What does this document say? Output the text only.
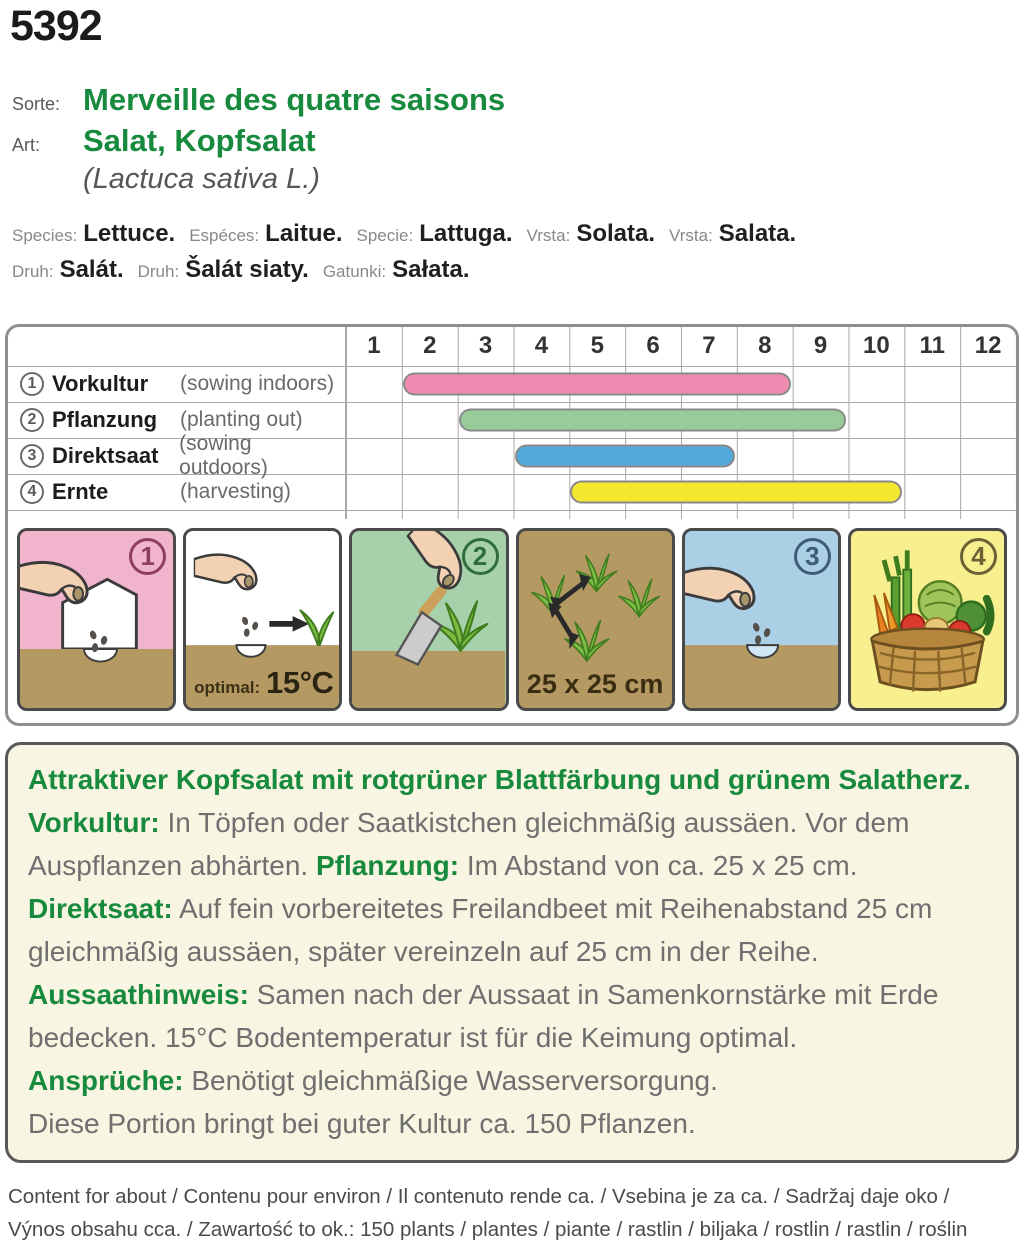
5392
Sorte: Merveille des quatre saisons
Art:	Salat, Kopfsalat
(Lactuca sativa L.)
Species: Lettuce. Espéces: Laitue. Specie: Lattuga. Vrsta: Solata. Vrsta: Salata.
Druh: Salát. Druh: Šalát siaty. Gatunki: Sałata.
1	2	3	4	5	6	7	8	9	10	11	12
1 Vorkultur	(sowing indoors)
2 Pflanzung	(planting out)
3 Direktsaat (sowing outdoors)
4 Ernte	(harvesting)
1
optimal: 15°C
2
25 x 25 cm
3	4

Attraktiver Kopfsalat mit rotgrüner Blattfärbung und grünem Salatherz.

Vorkultur: In Töpfen oder Saatkistchen gleichmäßig aussäen. Vor dem Auspflanzen abhärten. Pflanzung: Im Abstand von ca. 25 x 25 cm.

Direktsaat: Auf fein vorbereitetes Freilandbeet mit Reihenabstand 25 cm gleichmäßig aussäen, später vereinzeln auf 25 cm in der Reihe.

Aussaathinweis: Samen nach der Aussaat in Samenkornstärke mit Erde bedecken. 15°C Bodentemperatur ist für die Keimung optimal.

Ansprüche: Benötigt gleichmäßige Wasserversorgung.

Diese Portion bringt bei guter Kultur ca. 150 Pflanzen.

Content for about / Contenu pour environ / Il contenuto rende ca. / Vsebina je za ca. / Sadržaj daje oko /
Výnos obsahu cca. / Zawartość to ok.: 150 plants / plantes / piante / rastlin / biljaka / rostlin / rastlin / roślin
